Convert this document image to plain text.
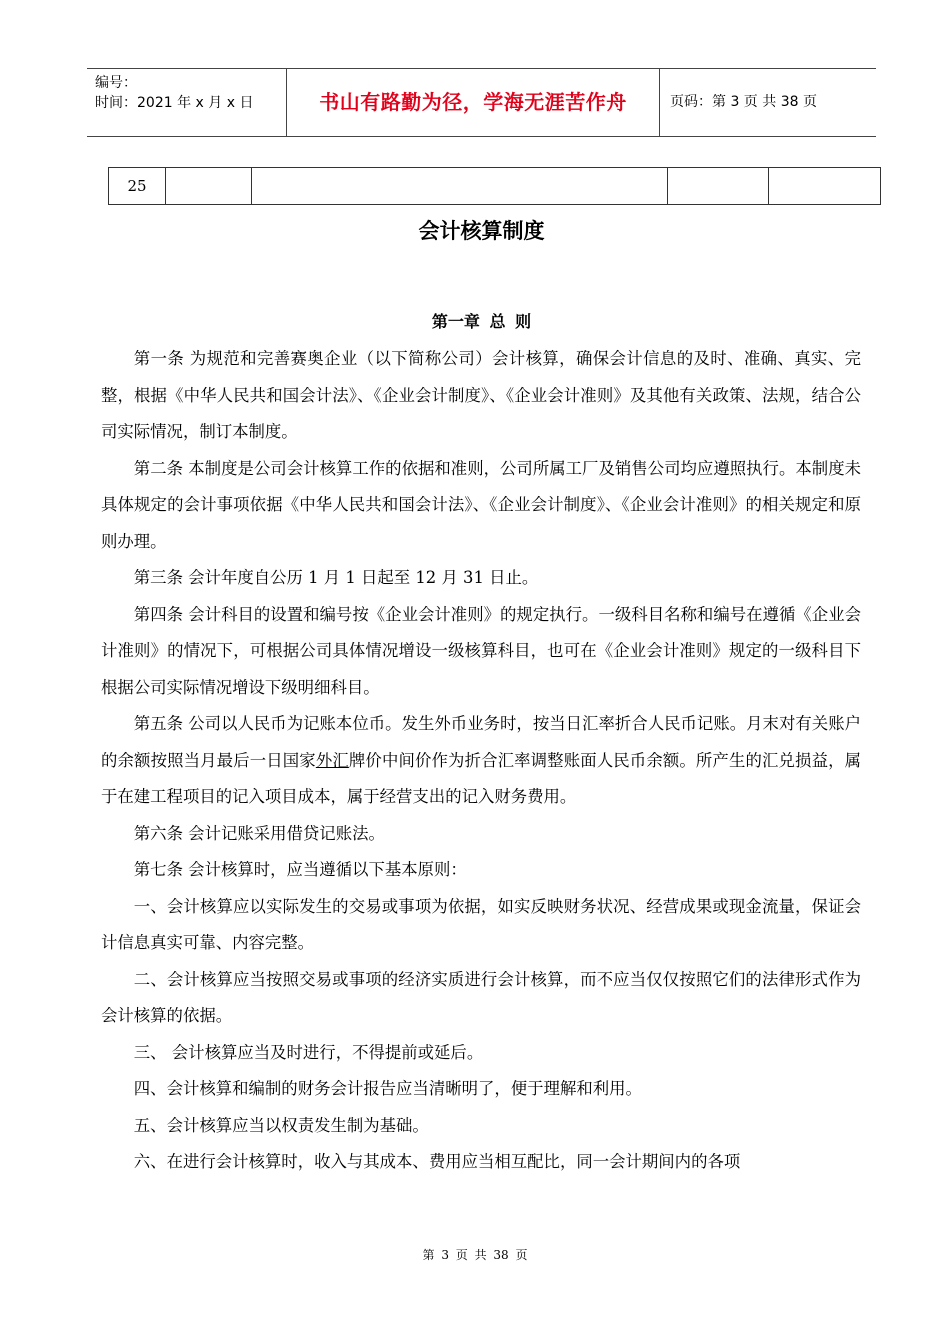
编号：
时间：2021 年 x 月 x 日	书山有路勤为径，学海无涯苦作舟	页码：第 3 页 共 38 页
25
会计核算制度
第一章 总 则

第一条 为规范和完善赛奥企业（以下简称公司）会计核算，确保会计信息的及时、准确、真实、完整，根据《中华人民共和国会计法》、《企业会计制度》、《企业会计准则》及其他有关政策、法规，结合公司实际情况，制订本制度。

第二条 本制度是公司会计核算工作的依据和准则，公司所属工厂及销售公司均应遵照执行。本制度未具体规定的会计事项依据《中华人民共和国会计法》、《企业会计制度》、《企业会计准则》的相关规定和原则办理。

第三条 会计年度自公历 1 月 1 日起至 12 月 31 日止。

第四条 会计科目的设置和编号按《企业会计准则》的规定执行。一级科目名称和编号在遵循《企业会计准则》的情况下，可根据公司具体情况增设一级核算科目，也可在《企业会计准则》规定的一级科目下根据公司实际情况增设下级明细科目。

第五条 公司以人民币为记账本位币。发生外币业务时，按当日汇率折合人民币记账。月末对有关账户的余额按照当月最后一日国家外汇牌价中间价作为折合汇率调整账面人民币余额。所产生的汇兑损益，属于在建工程项目的记入项目成本，属于经营支出的记入财务费用。

第六条 会计记账采用借贷记账法。

第七条 会计核算时，应当遵循以下基本原则：

一、会计核算应以实际发生的交易或事项为依据，如实反映财务状况、经营成果或现金流量，保证会计信息真实可靠、内容完整。

二、会计核算应当按照交易或事项的经济实质进行会计核算，而不应当仅仅按照它们的法律形式作为会计核算的依据。

三、 会计核算应当及时进行，不得提前或延后。

四、会计核算和编制的财务会计报告应当清晰明了，便于理解和利用。

五、会计核算应当以权责发生制为基础。

六、在进行会计核算时，收入与其成本、费用应当相互配比，同一会计期间内的各项

第 3 页 共 38 页
